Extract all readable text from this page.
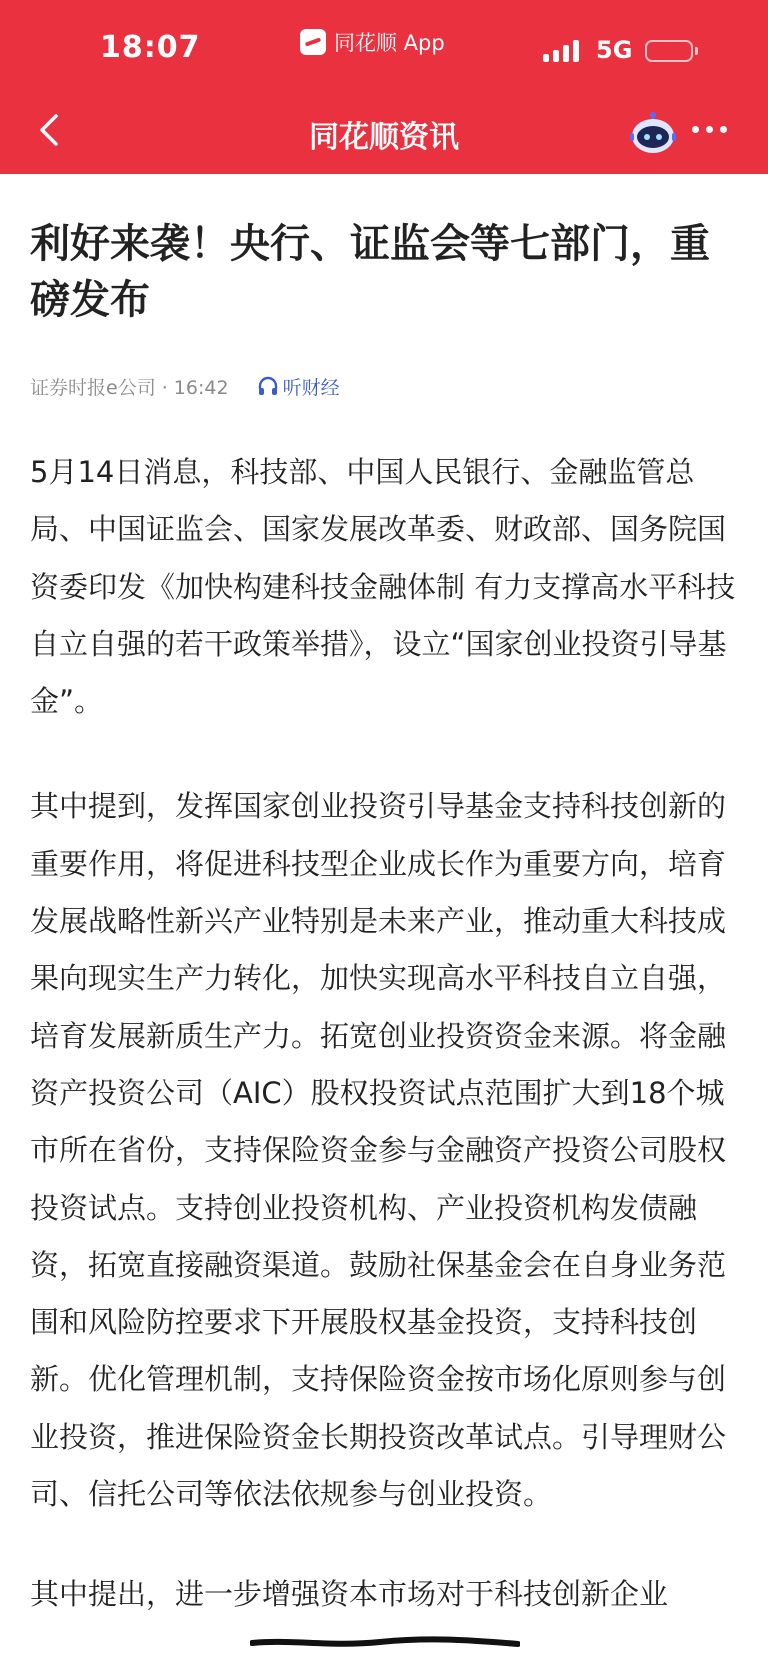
18:07	同花顺 App	5G
同花顺资讯
利好来袭！央行、证监会等七部门，重磅发布
证券时报e公司 · 16:42	听财经

5月14日消息，科技部、中国人民银行、金融监管总局、中国证监会、国家发展改革委、财政部、国务院国资委印发《加快构建科技金融体制 有力支撑高水平科技自立自强的若干政策举措》，设立“国家创业投资引导基金”。

其中提到，发挥国家创业投资引导基金支持科技创新的重要作用，将促进科技型企业成长作为重要方向，培育发展战略性新兴产业特别是未来产业，推动重大科技成果向现实生产力转化，加快实现高水平科技自立自强，培育发展新质生产力。拓宽创业投资资金来源。将金融资产投资公司（AIC）股权投资试点范围扩大到18个城市所在省份，支持保险资金参与金融资产投资公司股权投资试点。支持创业投资机构、产业投资机构发债融资，拓宽直接融资渠道。鼓励社保基金会在自身业务范围和风险防控要求下开展股权基金投资，支持科技创新。优化管理机制，支持保险资金按市场化原则参与创业投资，推进保险资金长期投资改革试点。引导理财公司、信托公司等依法依规参与创业投资。

其中提出，进一步增强资本市场对于科技创新企业
